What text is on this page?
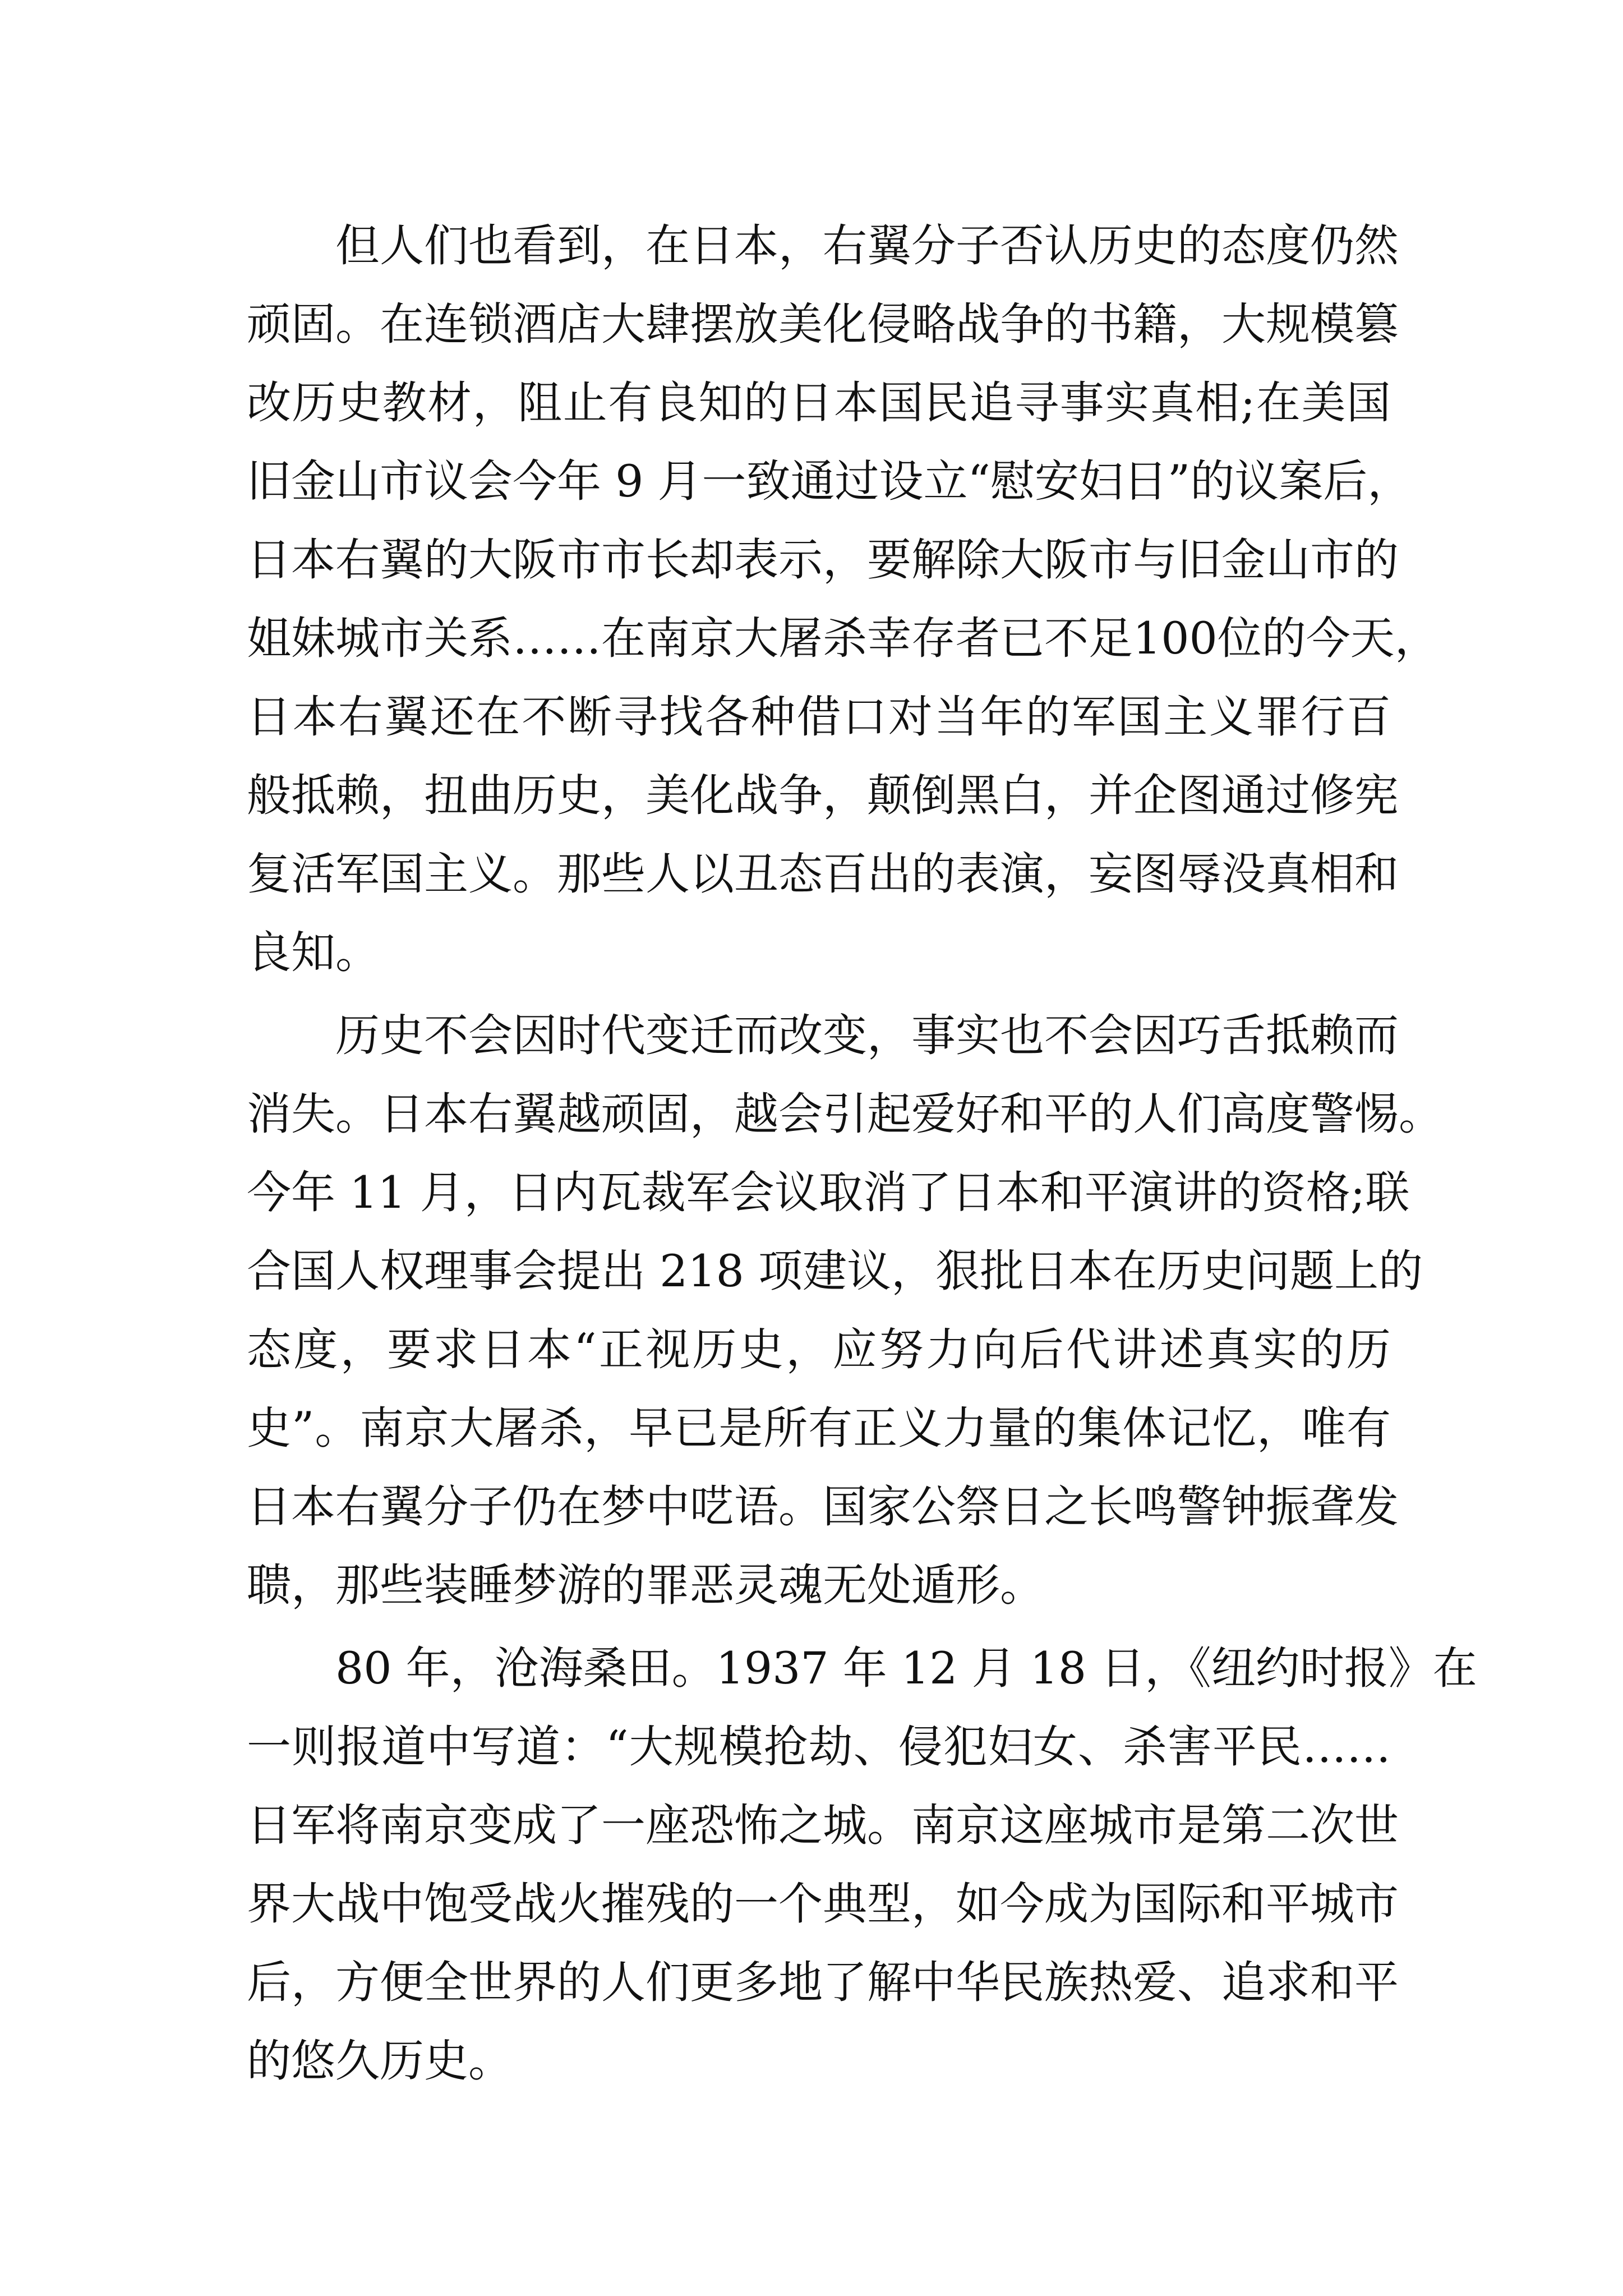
但人们也看到，在日本，右翼分子否认历史的态度仍然
顽固。在连锁酒店大肆摆放美化侵略战争的书籍，大规模篡
改历史教材，阻止有良知的日本国民追寻事实真相;在美国
旧金山市议会今年 9 月一致通过设立“慰安妇日”的议案后，
日本右翼的大阪市市长却表示，要解除大阪市与旧金山市的
姐妹城市关系……在南京大屠杀幸存者已不足100位的今天，
日本右翼还在不断寻找各种借口对当年的军国主义罪行百
般抵赖，扭曲历史，美化战争，颠倒黑白，并企图通过修宪
复活军国主义。那些人以丑态百出的表演，妄图辱没真相和
良知。
历史不会因时代变迁而改变，事实也不会因巧舌抵赖而
消失。日本右翼越顽固，越会引起爱好和平的人们高度警惕。
今年 11 月，日内瓦裁军会议取消了日本和平演讲的资格;联
合国人权理事会提出 218 项建议，狠批日本在历史问题上的
态度，要求日本“正视历史，应努力向后代讲述真实的历
史”。南京大屠杀，早已是所有正义力量的集体记忆，唯有
日本右翼分子仍在梦中呓语。国家公祭日之长鸣警钟振聋发
聩，那些装睡梦游的罪恶灵魂无处遁形。
80 年，沧海桑田。1937 年 12 月 18 日，《纽约时报》在
一则报道中写道：“大规模抢劫、侵犯妇女、杀害平民……
日军将南京变成了一座恐怖之城。南京这座城市是第二次世
界大战中饱受战火摧残的一个典型，如今成为国际和平城市
后，方便全世界的人们更多地了解中华民族热爱、追求和平
的悠久历史。
